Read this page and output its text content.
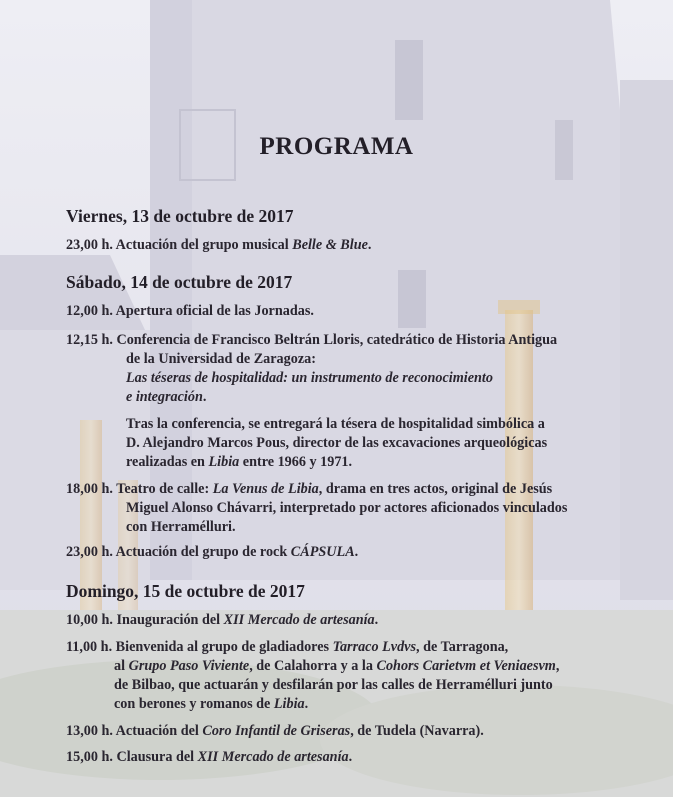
PROGRAMA
Viernes, 13 de octubre de 2017
23,00 h. Actuación del grupo musical Belle & Blue.
Sábado, 14 de octubre de 2017
12,00 h. Apertura oficial de las Jornadas.
12,15 h. Conferencia de Francisco Beltrán Lloris, catedrático de Historia Antigua
de la Universidad de Zaragoza:
Las téseras de hospitalidad: un instrumento de reconocimiento
e integración.
Tras la conferencia, se entregará la tésera de hospitalidad simbólica a
D. Alejandro Marcos Pous, director de las excavaciones arqueológicas
realizadas en Libia entre 1966 y 1971.
18,00 h. Teatro de calle: La Venus de Libia, drama en tres actos, original de Jesús
Miguel Alonso Chávarri, interpretado por actores aficionados vinculados
con Herramélluri.
23,00 h. Actuación del grupo de rock CÁPSULA.
Domingo, 15 de octubre de 2017
10,00 h. Inauguración del XII Mercado de artesanía.
11,00 h. Bienvenida al grupo de gladiadores Tarraco Lvdvs, de Tarragona,
al Grupo Paso Viviente, de Calahorra y a la Cohors Carietvm et Veniaesvm,
de Bilbao, que actuarán y desfilarán por las calles de Herramélluri junto
con berones y romanos de Libia.
13,00 h. Actuación del Coro Infantil de Griseras, de Tudela (Navarra).
15,00 h. Clausura del XII Mercado de artesanía.
